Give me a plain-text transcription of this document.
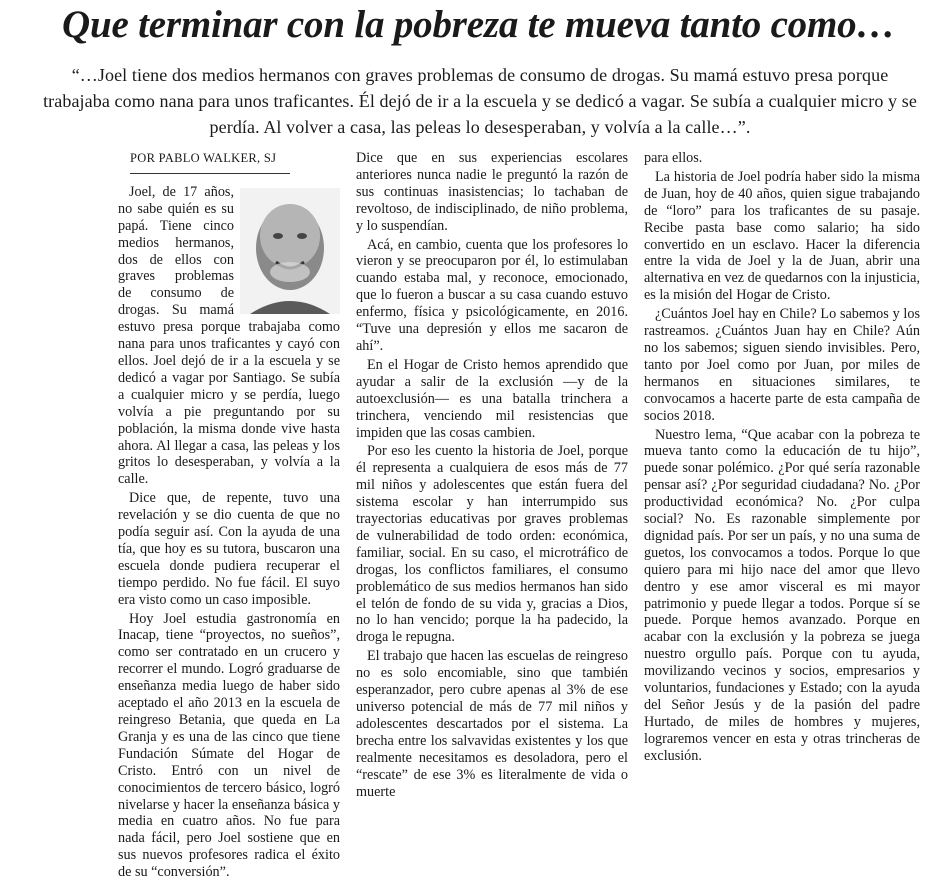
Que terminar con la pobreza te mueva tanto como…

“…Joel tiene dos medios hermanos con graves problemas de consumo de drogas. Su mamá estuvo presa porque trabajaba como nana para unos traficantes. Él dejó de ir a la escuela y se dedicó a vagar. Se subía a cualquier micro y se perdía. Al volver a casa, las peleas lo desesperaban, y volvía a la calle…”.

POR PABLO WALKER, SJ

Joel, de 17 años, no sabe quién es su papá. Tiene cinco medios hermanos, dos de ellos con graves problemas de consumo de drogas. Su mamá estuvo presa porque trabajaba como nana para unos traficantes y cayó con ellos. Joel dejó de ir a la escuela y se dedicó a vagar por Santiago. Se subía a cualquier micro y se perdía, luego volvía a pie preguntando por su población, la misma donde vive hasta ahora. Al llegar a casa, las peleas y los gritos lo desesperaban, y volvía a la calle.

Dice que, de repente, tuvo una revelación y se dio cuenta de que no podía seguir así. Con la ayuda de una tía, que hoy es su tutora, buscaron una escuela donde pudiera recuperar el tiempo perdido. No fue fácil. El suyo era visto como un caso imposible.

Hoy Joel estudia gastronomía en Inacap, tiene “proyectos, no sueños”, como ser contratado en un crucero y recorrer el mundo. Logró graduarse de enseñanza media luego de haber sido aceptado el año 2013 en la escuela de reingreso Betania, que queda en La Granja y es una de las cinco que tiene Fundación Súmate del Hogar de Cristo. Entró con un nivel de conocimientos de tercero básico, logró nivelarse y hacer la enseñanza básica y media en cuatro años. No fue para nada fácil, pero Joel sostiene que en sus nuevos profesores radica el éxito de su “conversión”.

Dice que en sus experiencias escolares anteriores nunca nadie le preguntó la razón de sus continuas inasistencias; lo tachaban de revoltoso, de indisciplinado, de niño problema, y lo suspendían.

Acá, en cambio, cuenta que los profesores lo vieron y se preocuparon por él, lo estimulaban cuando estaba mal, y reconoce, emocionado, que lo fueron a buscar a su casa cuando estuvo enfermo, física y psicológicamente, en 2016. “Tuve una depresión y ellos me sacaron de ahí”.

En el Hogar de Cristo hemos aprendido que ayudar a salir de la exclusión —y de la autoexclusión— es una batalla trinchera a trinchera, venciendo mil resistencias que impiden que las cosas cambien.

Por eso les cuento la historia de Joel, porque él representa a cualquiera de esos más de 77 mil niños y adolescentes que están fuera del sistema escolar y han interrumpido sus trayectorias educativas por graves problemas de vulnerabilidad de todo orden: económica, familiar, social. En su caso, el microtráfico de drogas, los conflictos familiares, el consumo problemático de sus medios hermanos han sido el telón de fondo de su vida y, gracias a Dios, no lo han vencido; porque la ha padecido, la droga le repugna.

El trabajo que hacen las escuelas de reingreso no es solo encomiable, sino que también esperanzador, pero cubre apenas al 3% de ese universo potencial de más de 77 mil niños y adolescentes descartados por el sistema. La brecha entre los salvavidas existentes y los que realmente necesitamos es desoladora, pero el “rescate” de ese 3% es literalmente de vida o muerte

para ellos.

La historia de Joel podría haber sido la misma de Juan, hoy de 40 años, quien sigue trabajando de “loro” para los traficantes de su pasaje. Recibe pasta base como salario; ha sido convertido en un esclavo. Hacer la diferencia entre la vida de Joel y la de Juan, abrir una alternativa en vez de quedarnos con la injusticia, es la misión del Hogar de Cristo.

¿Cuántos Joel hay en Chile? Lo sabemos y los rastreamos. ¿Cuántos Juan hay en Chile? Aún no los sabemos; siguen siendo invisibles. Pero, tanto por Joel como por Juan, por miles de hermanos en situaciones similares, te convocamos a hacerte parte de esta campaña de socios 2018.

Nuestro lema, “Que acabar con la pobreza te mueva tanto como la educación de tu hijo”, puede sonar polémico. ¿Por qué sería razonable pensar así? ¿Por seguridad ciudadana? No. ¿Por productividad económica? No. ¿Por culpa social? No. Es razonable simplemente por dignidad país. Por ser un país, y no una suma de guetos, los convocamos a todos. Porque lo que quiero para mi hijo nace del amor que llevo dentro y ese amor visceral es mi mayor patrimonio y puede llegar a todos. Porque sí se puede. Porque hemos avanzado. Porque en acabar con la exclusión y la pobreza se juega nuestro orgullo país. Porque con tu ayuda, movilizando vecinos y socios, empresarios y voluntarios, fundaciones y Estado; con la ayuda del Señor Jesús y de la pasión del padre Hurtado, de miles de hombres y mujeres, lograremos vencer en esta y otras trincheras de exclusión.
